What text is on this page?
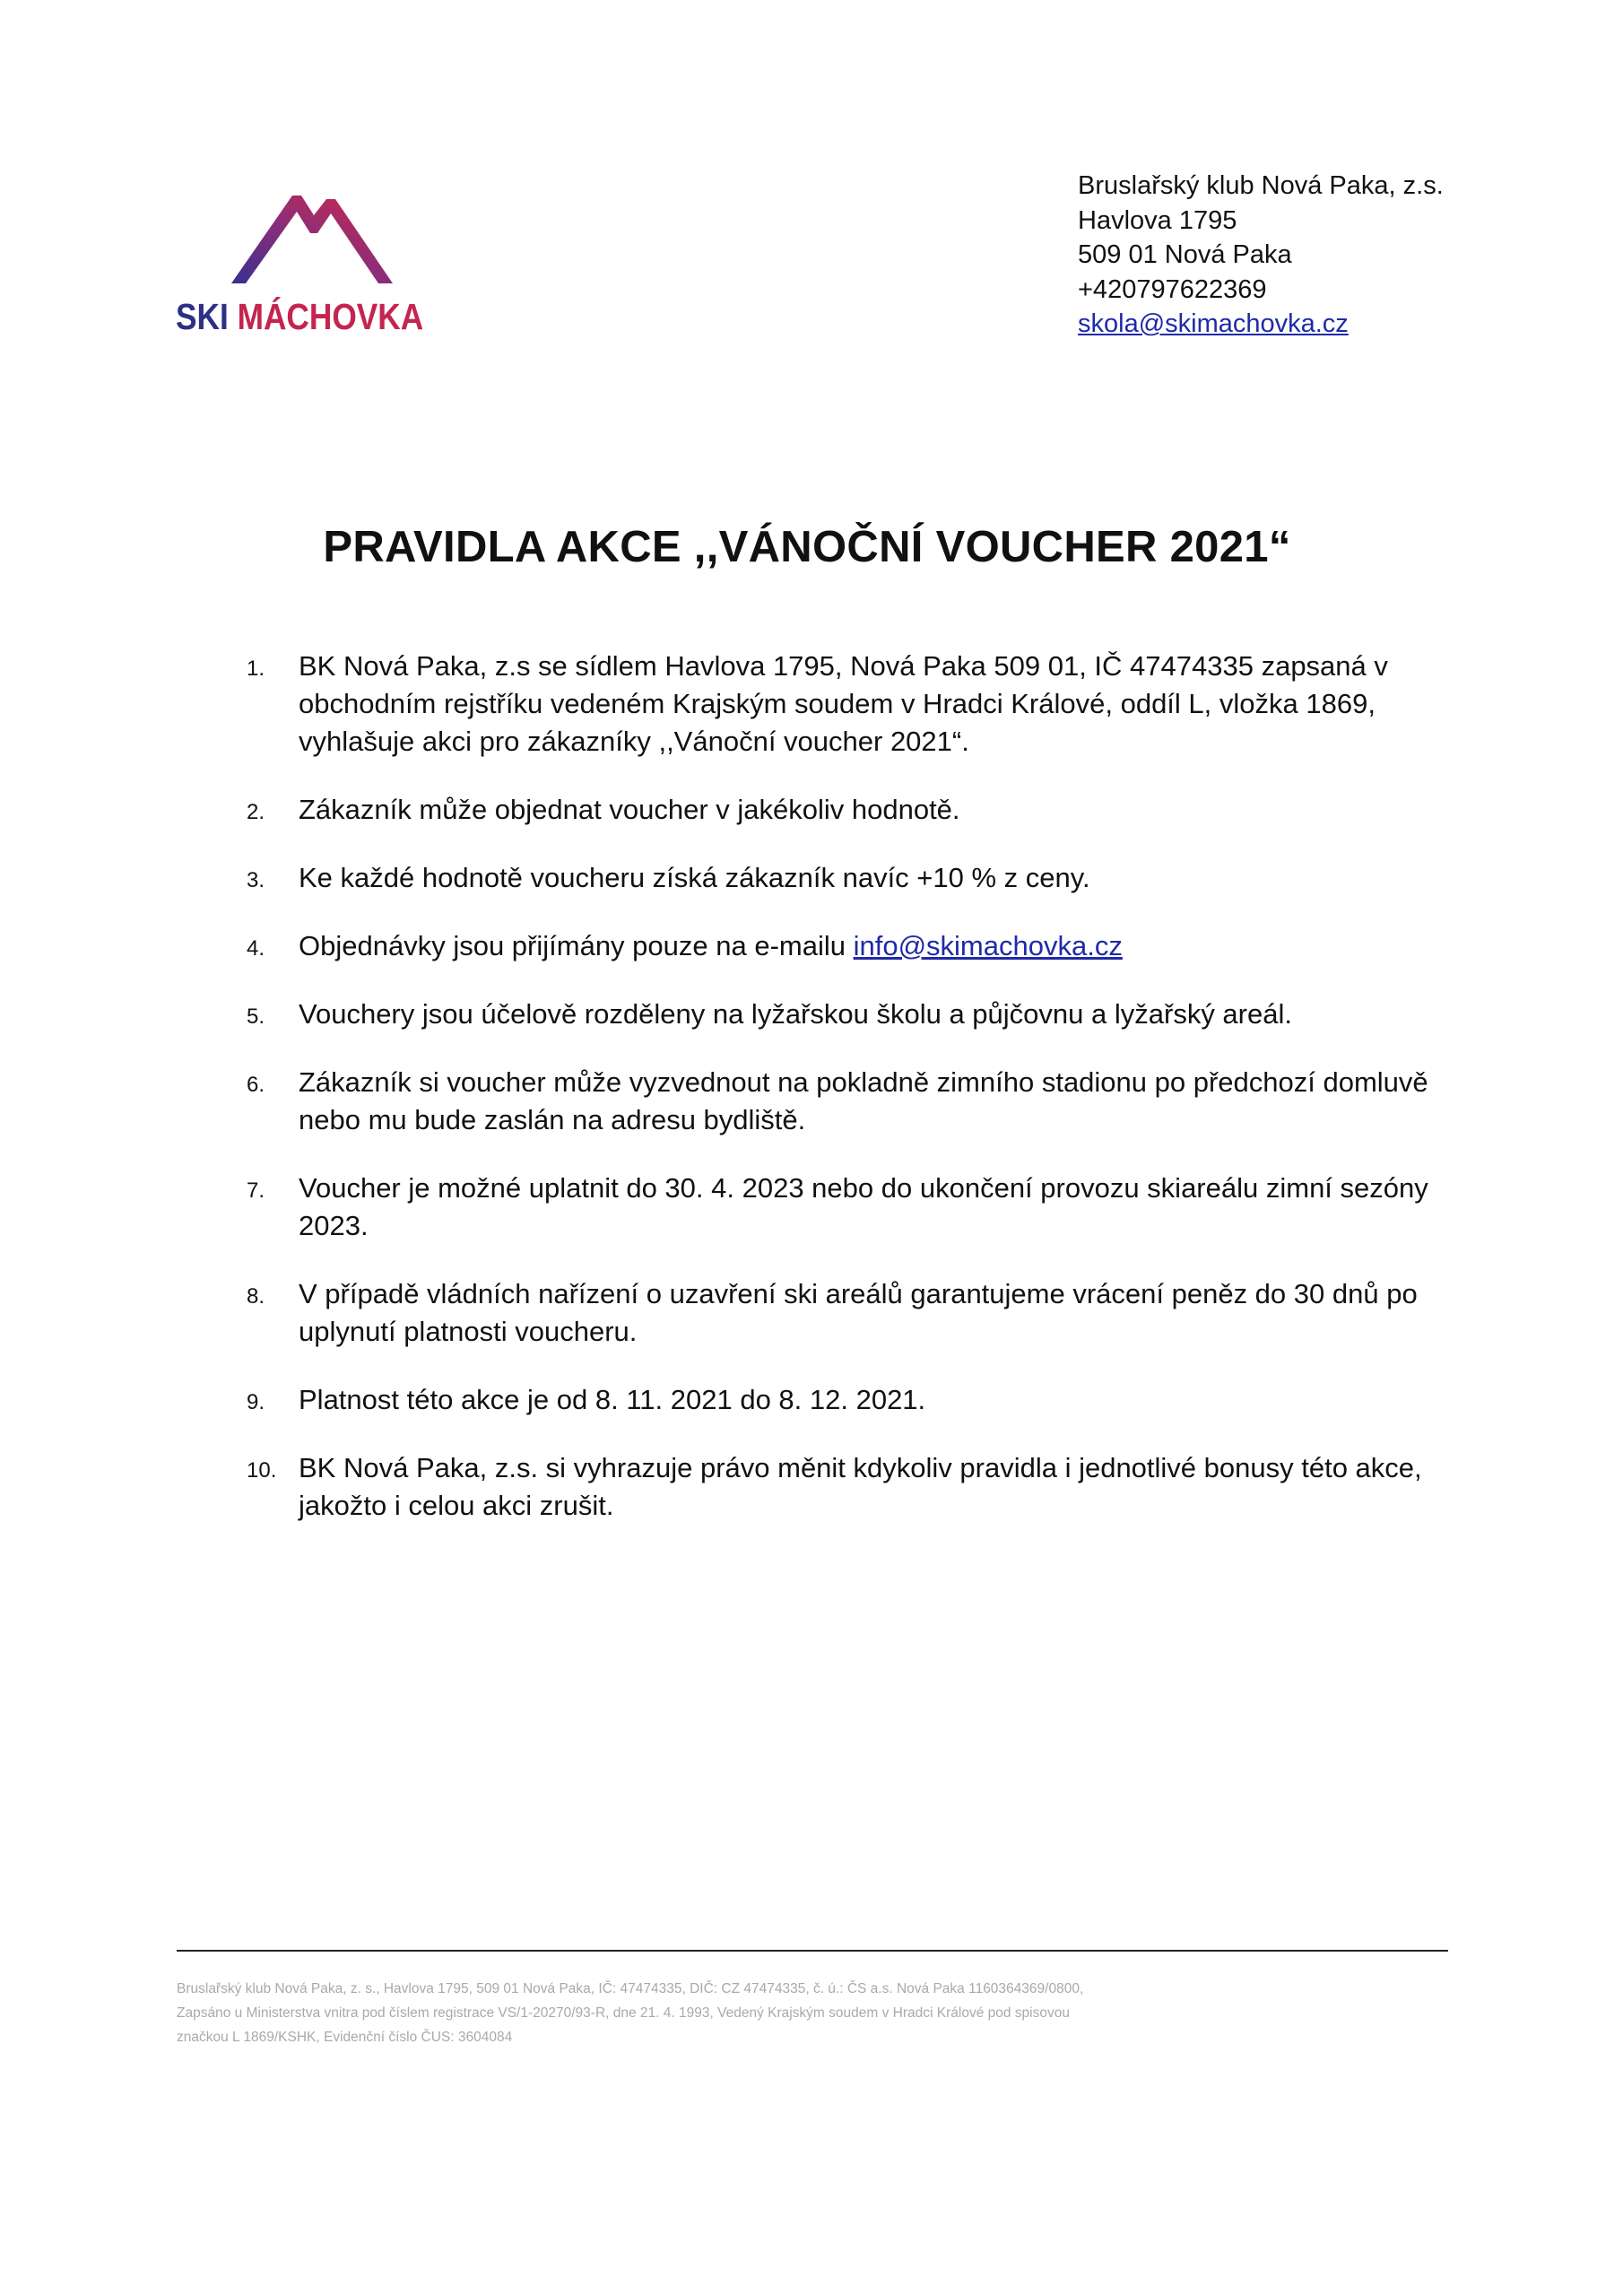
SKI MÁCHOVKA
Bruslařský klub Nová Paka, z.s.
Havlova 1795
509 01 Nová Paka
+420797622369
skola@skimachovka.cz
PRAVIDLA AKCE ,,VÁNOČNÍ VOUCHER 2021“
1. BK Nová Paka, z.s se sídlem Havlova 1795, Nová Paka 509 01, IČ 47474335 zapsaná v obchodním rejstříku vedeném Krajským soudem v Hradci Králové, oddíl L, vložka 1869, vyhlašuje akci pro zákazníky ,,Vánoční voucher 2021“.
2. Zákazník může objednat voucher v jakékoliv hodnotě.
3. Ke každé hodnotě voucheru získá zákazník navíc +10 % z ceny.
4. Objednávky jsou přijímány pouze na e-mailu info@skimachovka.cz
5. Vouchery jsou účelově rozděleny na lyžařskou školu a půjčovnu a lyžařský areál.
6. Zákazník si voucher může vyzvednout na pokladně zimního stadionu po předchozí domluvě nebo mu bude zaslán na adresu bydliště.
7. Voucher je možné uplatnit do 30. 4. 2023 nebo do ukončení provozu skiareálu zimní sezóny 2023.
8. V případě vládních nařízení o uzavření ski areálů garantujeme vrácení peněz do 30 dnů po uplynutí platnosti voucheru.
9. Platnost této akce je od 8. 11. 2021 do 8. 12. 2021.
10. BK Nová Paka, z.s. si vyhrazuje právo měnit kdykoliv pravidla i jednotlivé bonusy této akce, jakožto i celou akci zrušit.
Bruslařský klub Nová Paka, z. s., Havlova 1795, 509 01 Nová Paka, IČ: 47474335, DIČ: CZ 47474335, č. ú.: ČS a.s. Nová Paka 1160364369/0800,
Zapsáno u Ministerstva vnitra pod číslem registrace VS/1-20270/93-R, dne 21. 4. 1993, Vedený Krajským soudem v Hradci Králové pod spisovou
značkou L 1869/KSHK, Evidenční číslo ČUS: 3604084
